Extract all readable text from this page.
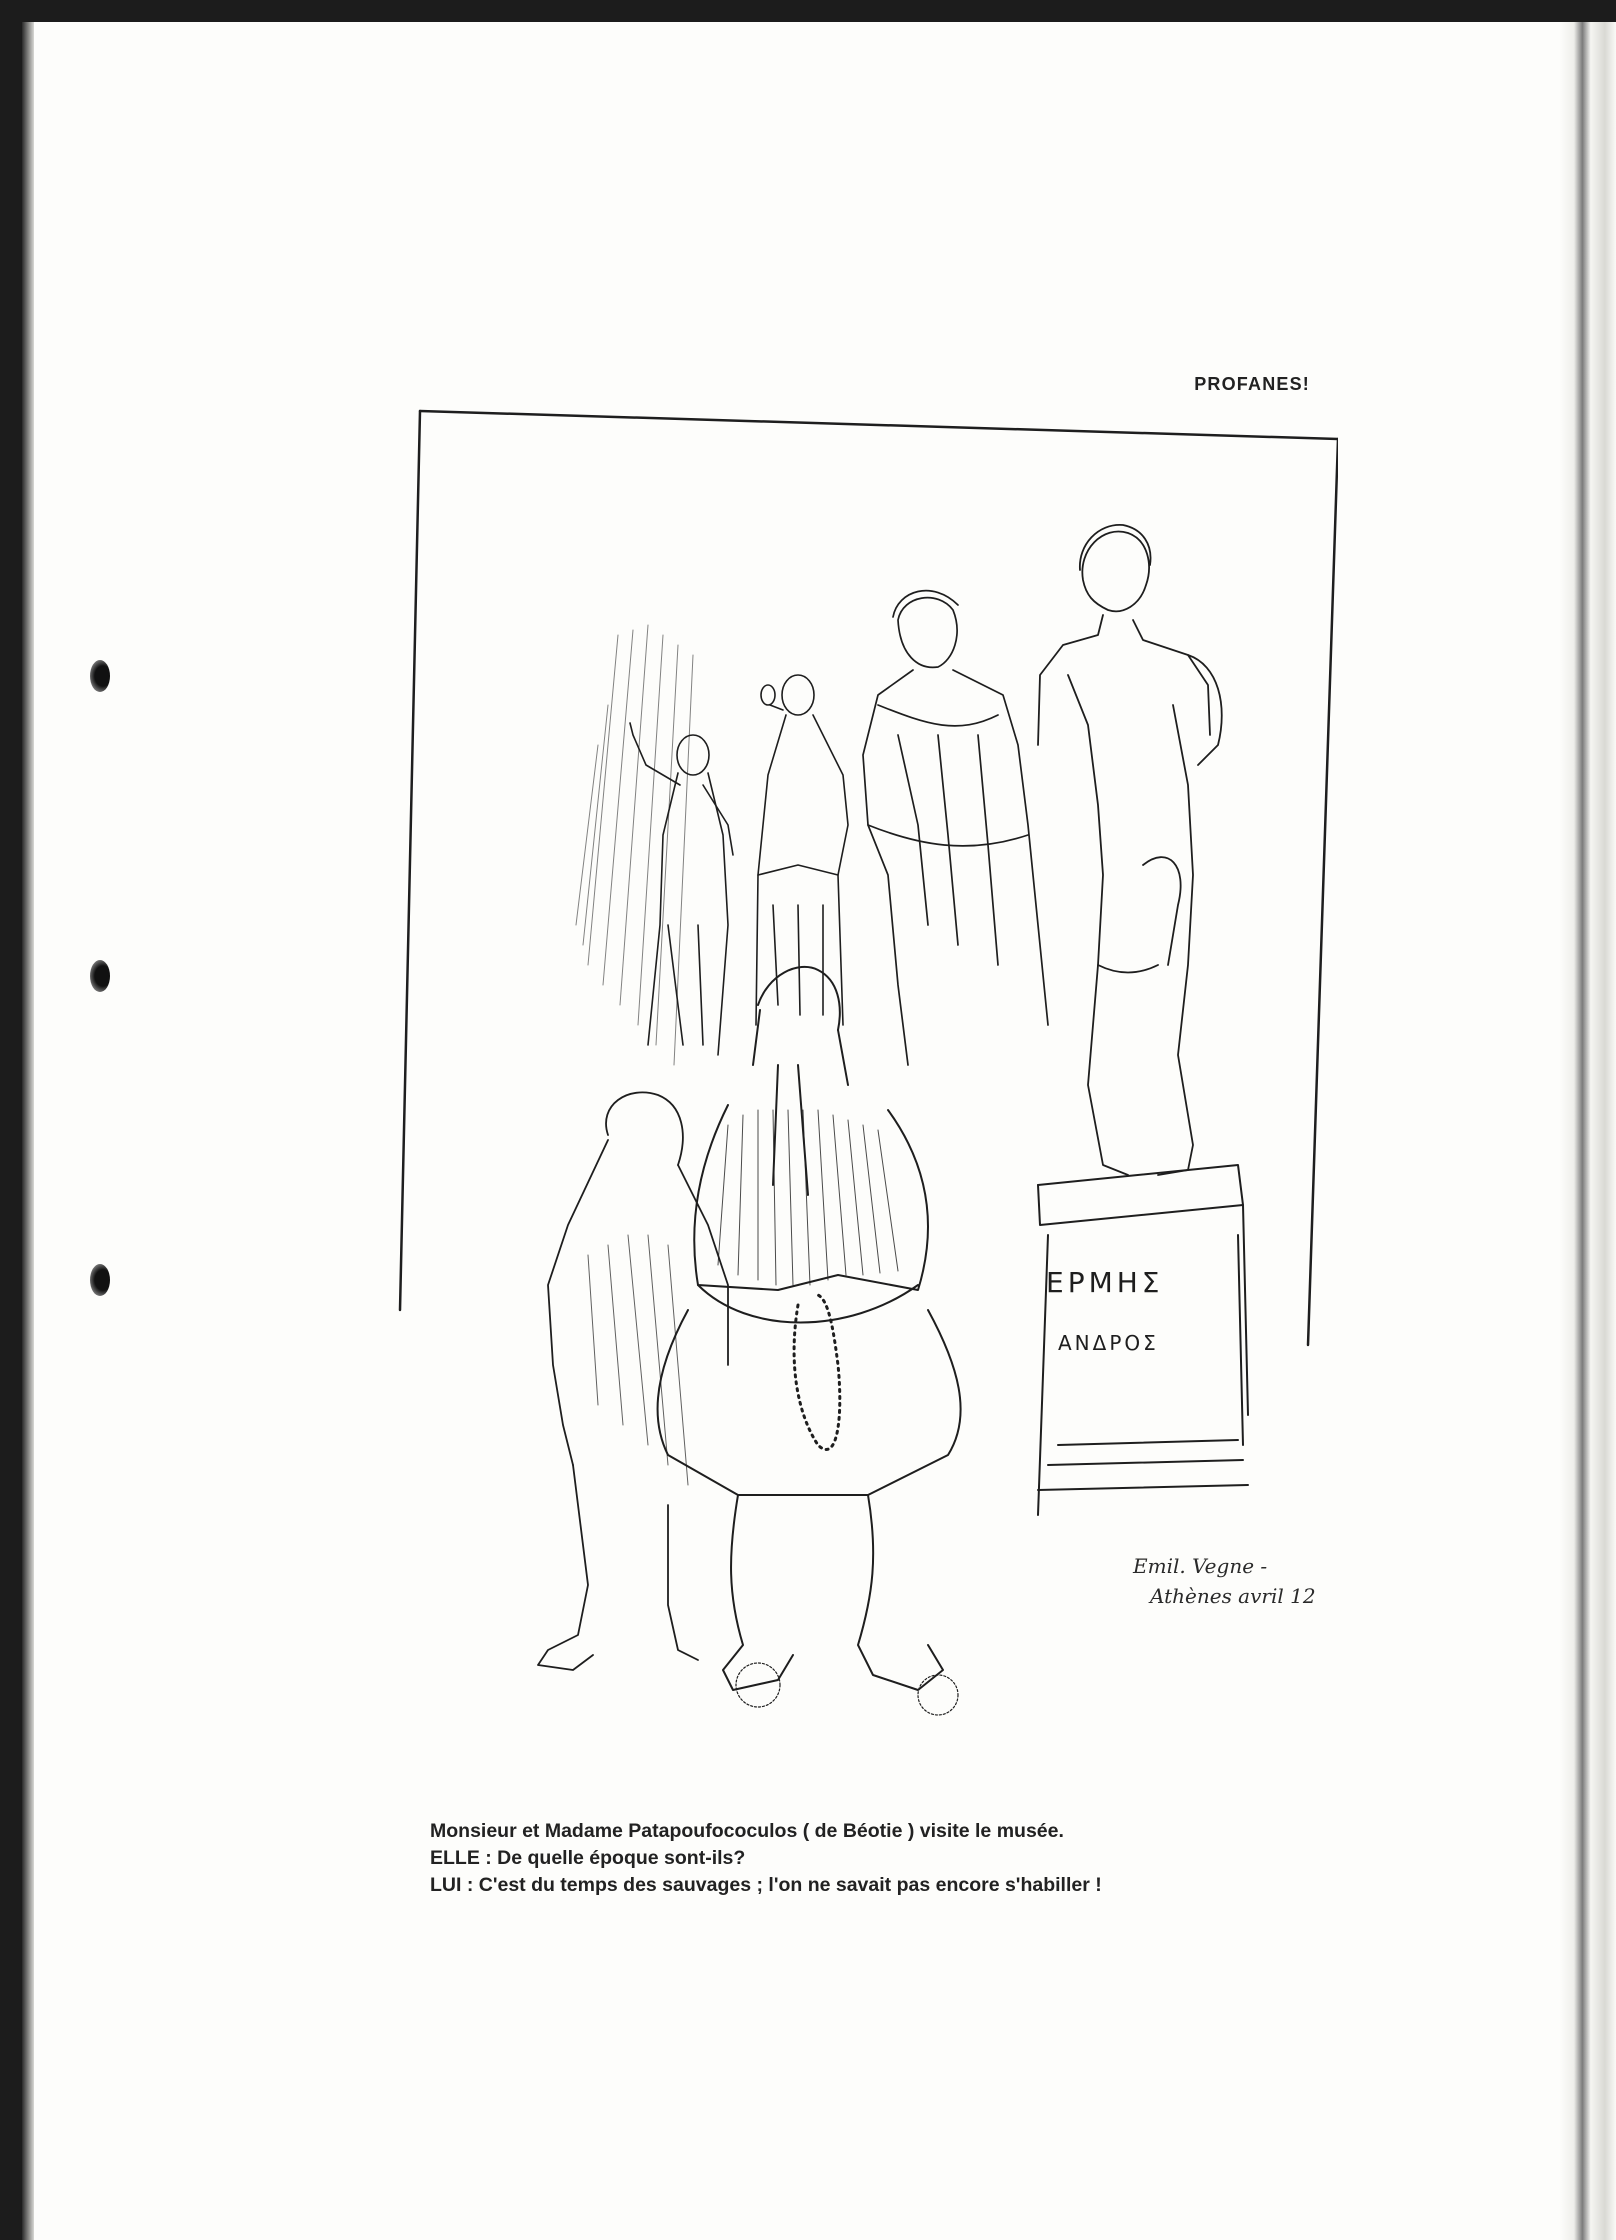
PROFANES!
ΕΡΜΗΣ
ΑΝΔΡΟΣ
Emil. Vegne -
Athènes avril 12
Monsieur et Madame Patapoufococulos ( de Béotie ) visite le musée.
ELLE : De quelle époque sont-ils?
LUI : C'est du temps des sauvages ; l'on ne savait pas encore s'habiller !
